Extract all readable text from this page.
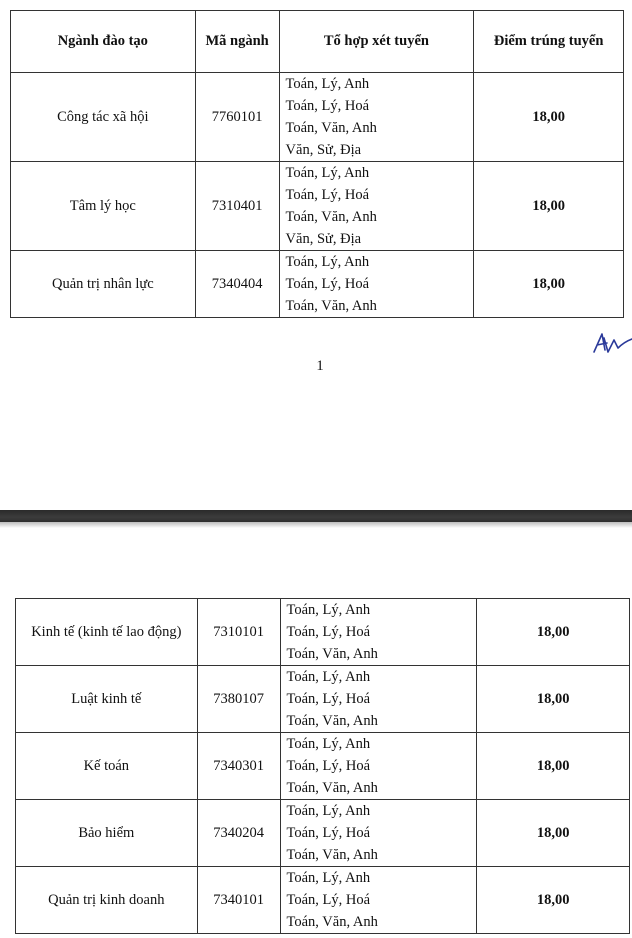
Ngành đào tạo	Mã ngành	Tổ hợp xét tuyển	Điểm trúng tuyển
Công tác xã hội	7760101	Toán, Lý, Anh
Toán, Lý, Hoá
Toán, Văn, Anh
Văn, Sử, Địa	18,00
Tâm lý học	7310401	Toán, Lý, Anh
Toán, Lý, Hoá
Toán, Văn, Anh
Văn, Sử, Địa	18,00
Quản trị nhân lực	7340404	Toán, Lý, Anh
Toán, Lý, Hoá
Toán, Văn, Anh	18,00
1
Kinh tế (kinh tế lao động)	7310101	Toán, Lý, Anh
Toán, Lý, Hoá
Toán, Văn, Anh	18,00
Luật kinh tế	7380107	Toán, Lý, Anh
Toán, Lý, Hoá
Toán, Văn, Anh	18,00
Kế toán	7340301	Toán, Lý, Anh
Toán, Lý, Hoá
Toán, Văn, Anh	18,00
Bảo hiểm	7340204	Toán, Lý, Anh
Toán, Lý, Hoá
Toán, Văn, Anh	18,00
Quản trị kinh doanh	7340101	Toán, Lý, Anh
Toán, Lý, Hoá
Toán, Văn, Anh	18,00
